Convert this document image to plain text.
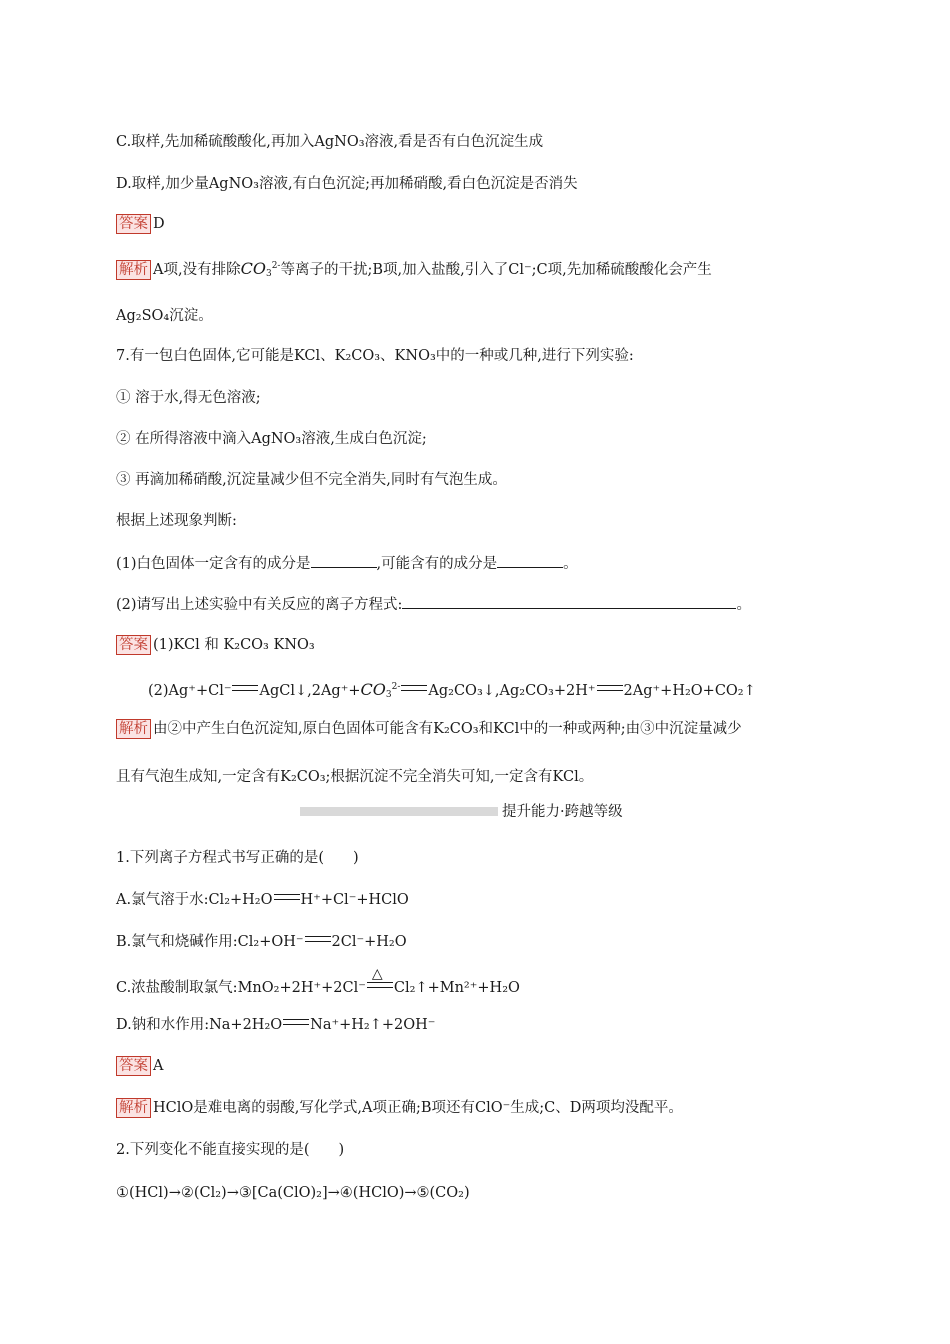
C.取样,先加稀硫酸酸化,再加入AgNO₃溶液,看是否有白色沉淀生成
D.取样,加少量AgNO₃溶液,有白色沉淀;再加稀硝酸,看白色沉淀是否消失
答案 D
解析 A项,没有排除$CO_3^{2-}$等离子的干扰;B项,加入盐酸,引入了Cl⁻;C项,先加稀硫酸酸化会产生
Ag₂SO₄沉淀。
7.有一包白色固体,它可能是KCl、K₂CO₃、KNO₃中的一种或几种,进行下列实验:
① 溶于水,得无色溶液;
② 在所得溶液中滴入AgNO₃溶液,生成白色沉淀;
③ 再滴加稀硝酸,沉淀量减少但不完全消失,同时有气泡生成。
根据上述现象判断:
(1)白色固体一定含有的成分是	,可能含有的成分是	。
(2)请写出上述实验中有关反应的离子方程式:	。
答案 (1)KCl 和 K₂CO₃ KNO₃
(2)Ag⁺+Cl⁻ $AgCl↓,2Ag^++CO_3^{2-}$ Ag₂CO₃↓,Ag₂CO₃+2H⁺ 2Ag⁺+H₂O+CO₂↑
解析 由②中产生白色沉淀知,原白色固体可能含有K₂CO₃和KCl中的一种或两种;由③中沉淀量减少
且有气泡生成知,一定含有K₂CO₃;根据沉淀不完全消失可知,一定含有KCl。
提升能力·跨越等级
1.下列离子方程式书写正确的是(　　)
A.氯气溶于水:Cl₂+H₂O H⁺+Cl⁻+HClO
B.氯气和烧碱作用:Cl₂+OH⁻ 2Cl⁻+H₂O
C.浓盐酸制取氯气:MnO₂+2H⁺+2Cl⁻
△
Cl₂↑+Mn²⁺+H₂O
D.钠和水作用:Na+2H₂O Na⁺+H₂↑+2OH⁻
答案 A
解析 HClO是难电离的弱酸,写化学式,A项正确;B项还有ClO⁻生成;C、D两项均没配平。
2.下列变化不能直接实现的是(　　)
①(HCl)→②(Cl₂)→③[Ca(ClO)₂]→④(HClO)→⑤(CO₂)
